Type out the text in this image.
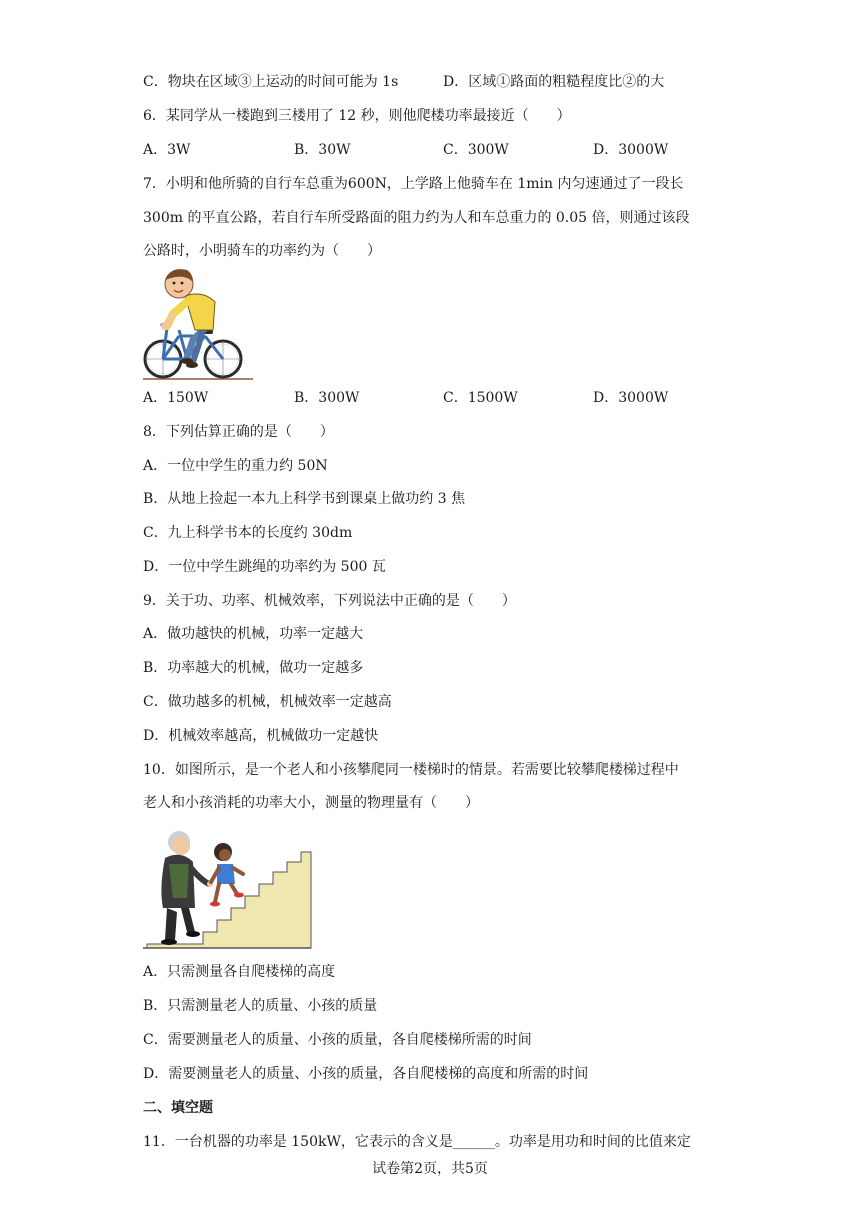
C．物块在区域③上运动的时间可能为 1s	D．区域①路面的粗糙程度比②的大
6．某同学从一楼跑到三楼用了 12 秒，则他爬楼功率最接近（　　）
A．3W	B．30W	C．300W	D．3000W
7．小明和他所骑的自行车总重为600N，上学路上他骑车在 1min 内匀速通过了一段长
300m 的平直公路，若自行车所受路面的阻力约为人和车总重力的 0.05 倍，则通过该段
公路时，小明骑车的功率约为（　　）
A．150W	B．300W	C．1500W	D．3000W
8．下列估算正确的是（　　）
A．一位中学生的重力约 50N
B．从地上捡起一本九上科学书到课桌上做功约 3 焦
C．九上科学书本的长度约 30dm
D．一位中学生跳绳的功率约为 500 瓦
9．关于功、功率、机械效率，下列说法中正确的是（　　）
A．做功越快的机械，功率一定越大
B．功率越大的机械，做功一定越多
C．做功越多的机械，机械效率一定越高
D．机械效率越高，机械做功一定越快
10．如图所示，是一个老人和小孩攀爬同一楼梯时的情景。若需要比较攀爬楼梯过程中
老人和小孩消耗的功率大小，测量的物理量有（　　）
A．只需测量各自爬楼梯的高度
B．只需测量老人的质量、小孩的质量
C．需要测量老人的质量、小孩的质量，各自爬楼梯所需的时间
D．需要测量老人的质量、小孩的质量，各自爬楼梯的高度和所需的时间
二、填空题
11．一台机器的功率是 150kW，它表示的含义是______。功率是用功和时间的比值来定
试卷第2页，共5页
